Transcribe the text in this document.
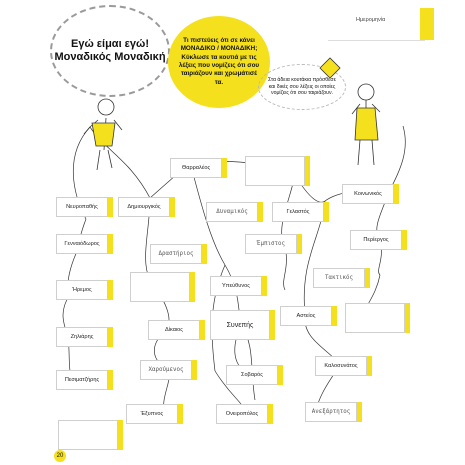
Ημερομηνία
Εγώ είμαι εγώ! Μοναδικός Μοναδική
Τι πιστεύεις ότι σε κάνει ΜΟΝΑΔΙΚΟ / ΜΟΝΑΔΙΚΗ; Κύκλωσε τα κουτιά με τις λέξεις που νομίζεις ότι σου ταιριάζουν και χρωμάτισέ τα.	Στα άδεια κουτάκια πρόσθεσε και δικές σου λέξεις οι οποίες νομίζεις ότι σου ταιριάζουν.
Θαρραλέος
Κοινωνικός
Νευροπαθής	Δημιουργικός
Δυναμικός	Γελαστός
Γενναιόδωρος
Δραστήριος
Έμπιστος
Περίεργος
Ήρεμος
Υπεύθυνος
Τακτικός
Ζηλιάρης
Δίκαιος
Συνεπής
Αστείος
Χαρούμενος
Σοβαρός
Καλοσυνάτος
Πεσιματζήρης
Έξυπνος	Ονειροπόλος	Ανεξάρτητος
20
